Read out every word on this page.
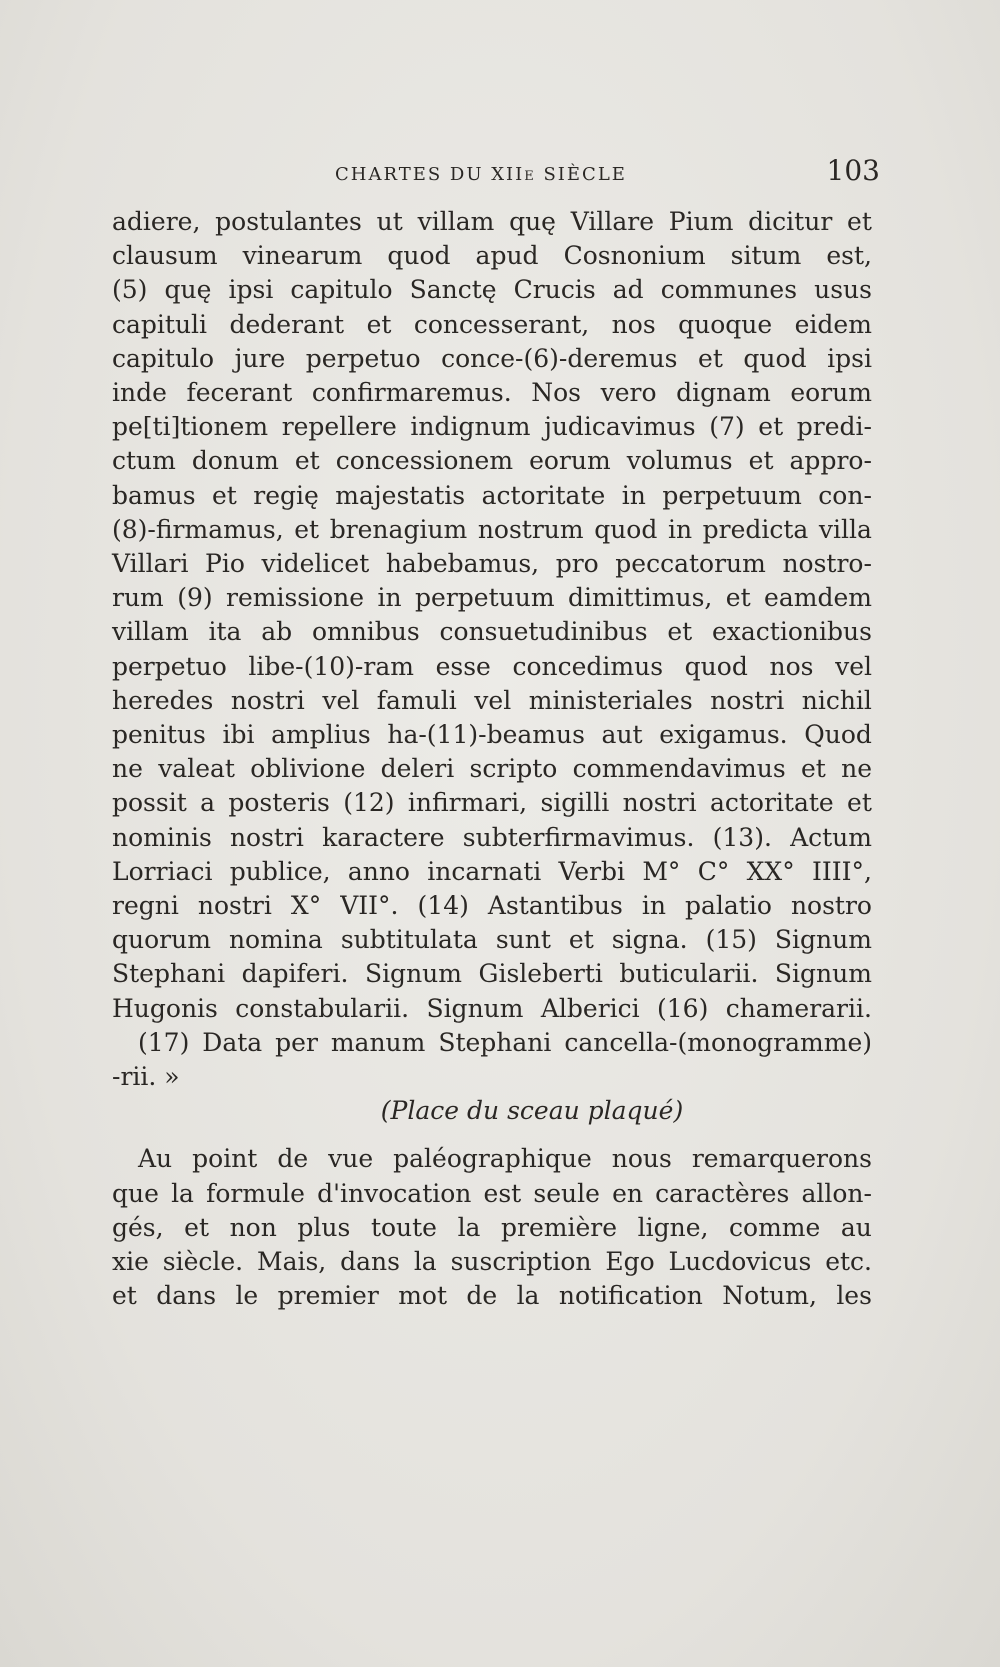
CHARTES DU XIIe SIÈCLE	103
adiere, postulantes ut villam quę Villare Pium dicitur et
clausum vinearum quod apud Cosnonium situm est,
(5) quę ipsi capitulo Sanctę Crucis ad communes usus
capituli dederant et concesserant, nos quoque eidem
capitulo jure perpetuo conce-(6)-deremus et quod ipsi
inde fecerant confirmaremus. Nos vero dignam eorum
pe[ti]tionem repellere indignum judicavimus (7) et predi-
ctum donum et concessionem eorum volumus et appro-
bamus et regię majestatis actoritate in perpetuum con-
(8)-firmamus, et brenagium nostrum quod in predicta villa
Villari Pio videlicet habebamus, pro peccatorum nostro-
rum (9) remissione in perpetuum dimittimus, et eamdem
villam ita ab omnibus consuetudinibus et exactionibus
perpetuo libe-(10)-ram esse concedimus quod nos vel
heredes nostri vel famuli vel ministeriales nostri nichil
penitus ibi amplius ha-(11)-beamus aut exigamus. Quod
ne valeat oblivione deleri scripto commendavimus et ne
possit a posteris (12) infirmari, sigilli nostri actoritate et
nominis nostri karactere subterfirmavimus. (13). Actum
Lorriaci publice, anno incarnati Verbi M° C° XX° IIII°,
regni nostri X° VII°. (14) Astantibus in palatio nostro
quorum nomina subtitulata sunt et signa. (15) Signum
Stephani dapiferi. Signum Gisleberti buticularii. Signum
Hugonis constabularii. Signum Alberici (16) chamerarii.
(17) Data per manum Stephani cancella-(monogramme)
-rii. »
(Place du sceau plaqué)
Au point de vue paléographique nous remarquerons
que la formule d'invocation est seule en caractères allon-
gés, et non plus toute la première ligne, comme au
xie siècle. Mais, dans la suscription Ego Lucdovicus etc.
et dans le premier mot de la notification Notum, les
